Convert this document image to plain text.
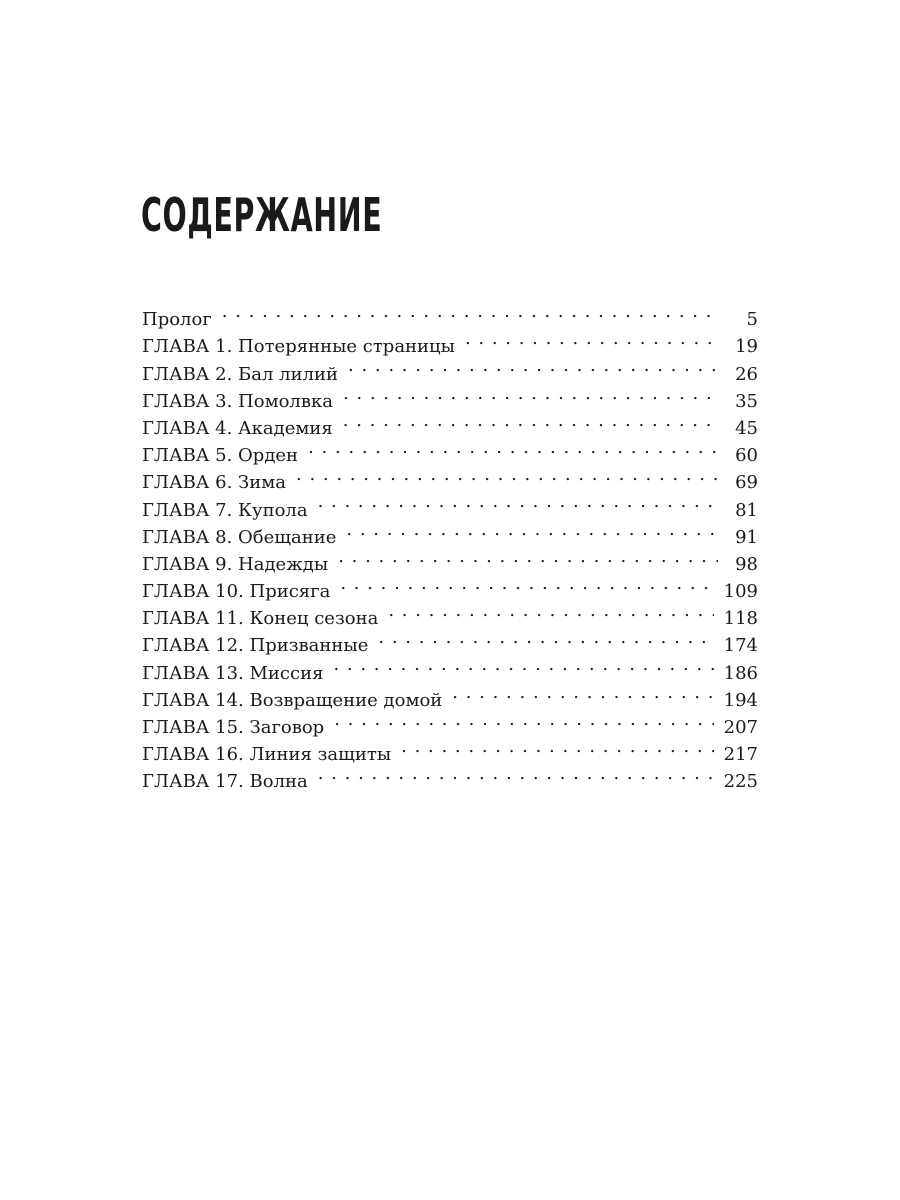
СОДЕРЖАНИЕ
Пролог . . .	5
ГЛАВА 1. Потерянные страницы . . .	19
ГЛАВА 2. Бал лилий . . .	26
ГЛАВА 3. Помолвка . . .	35
ГЛАВА 4. Академия . . .	45
ГЛАВА 5. Орден . . .	60
ГЛАВА 6. Зима . . .	69
ГЛАВА 7. Купола . . .	81
ГЛАВА 8. Обещание . . .	91
ГЛАВА 9. Надежды . . .	98
ГЛАВА 10. Присяга . . .	109
ГЛАВА 11. Конец сезона . . .	118
ГЛАВА 12. Призванные . . .	174
ГЛАВА 13. Миссия . . .	186
ГЛАВА 14. Возвращение домой . . .	194
ГЛАВА 15. Заговор . . .	207
ГЛАВА 16. Линия защиты . . .	217
ГЛАВА 17. Волна . . .	225
